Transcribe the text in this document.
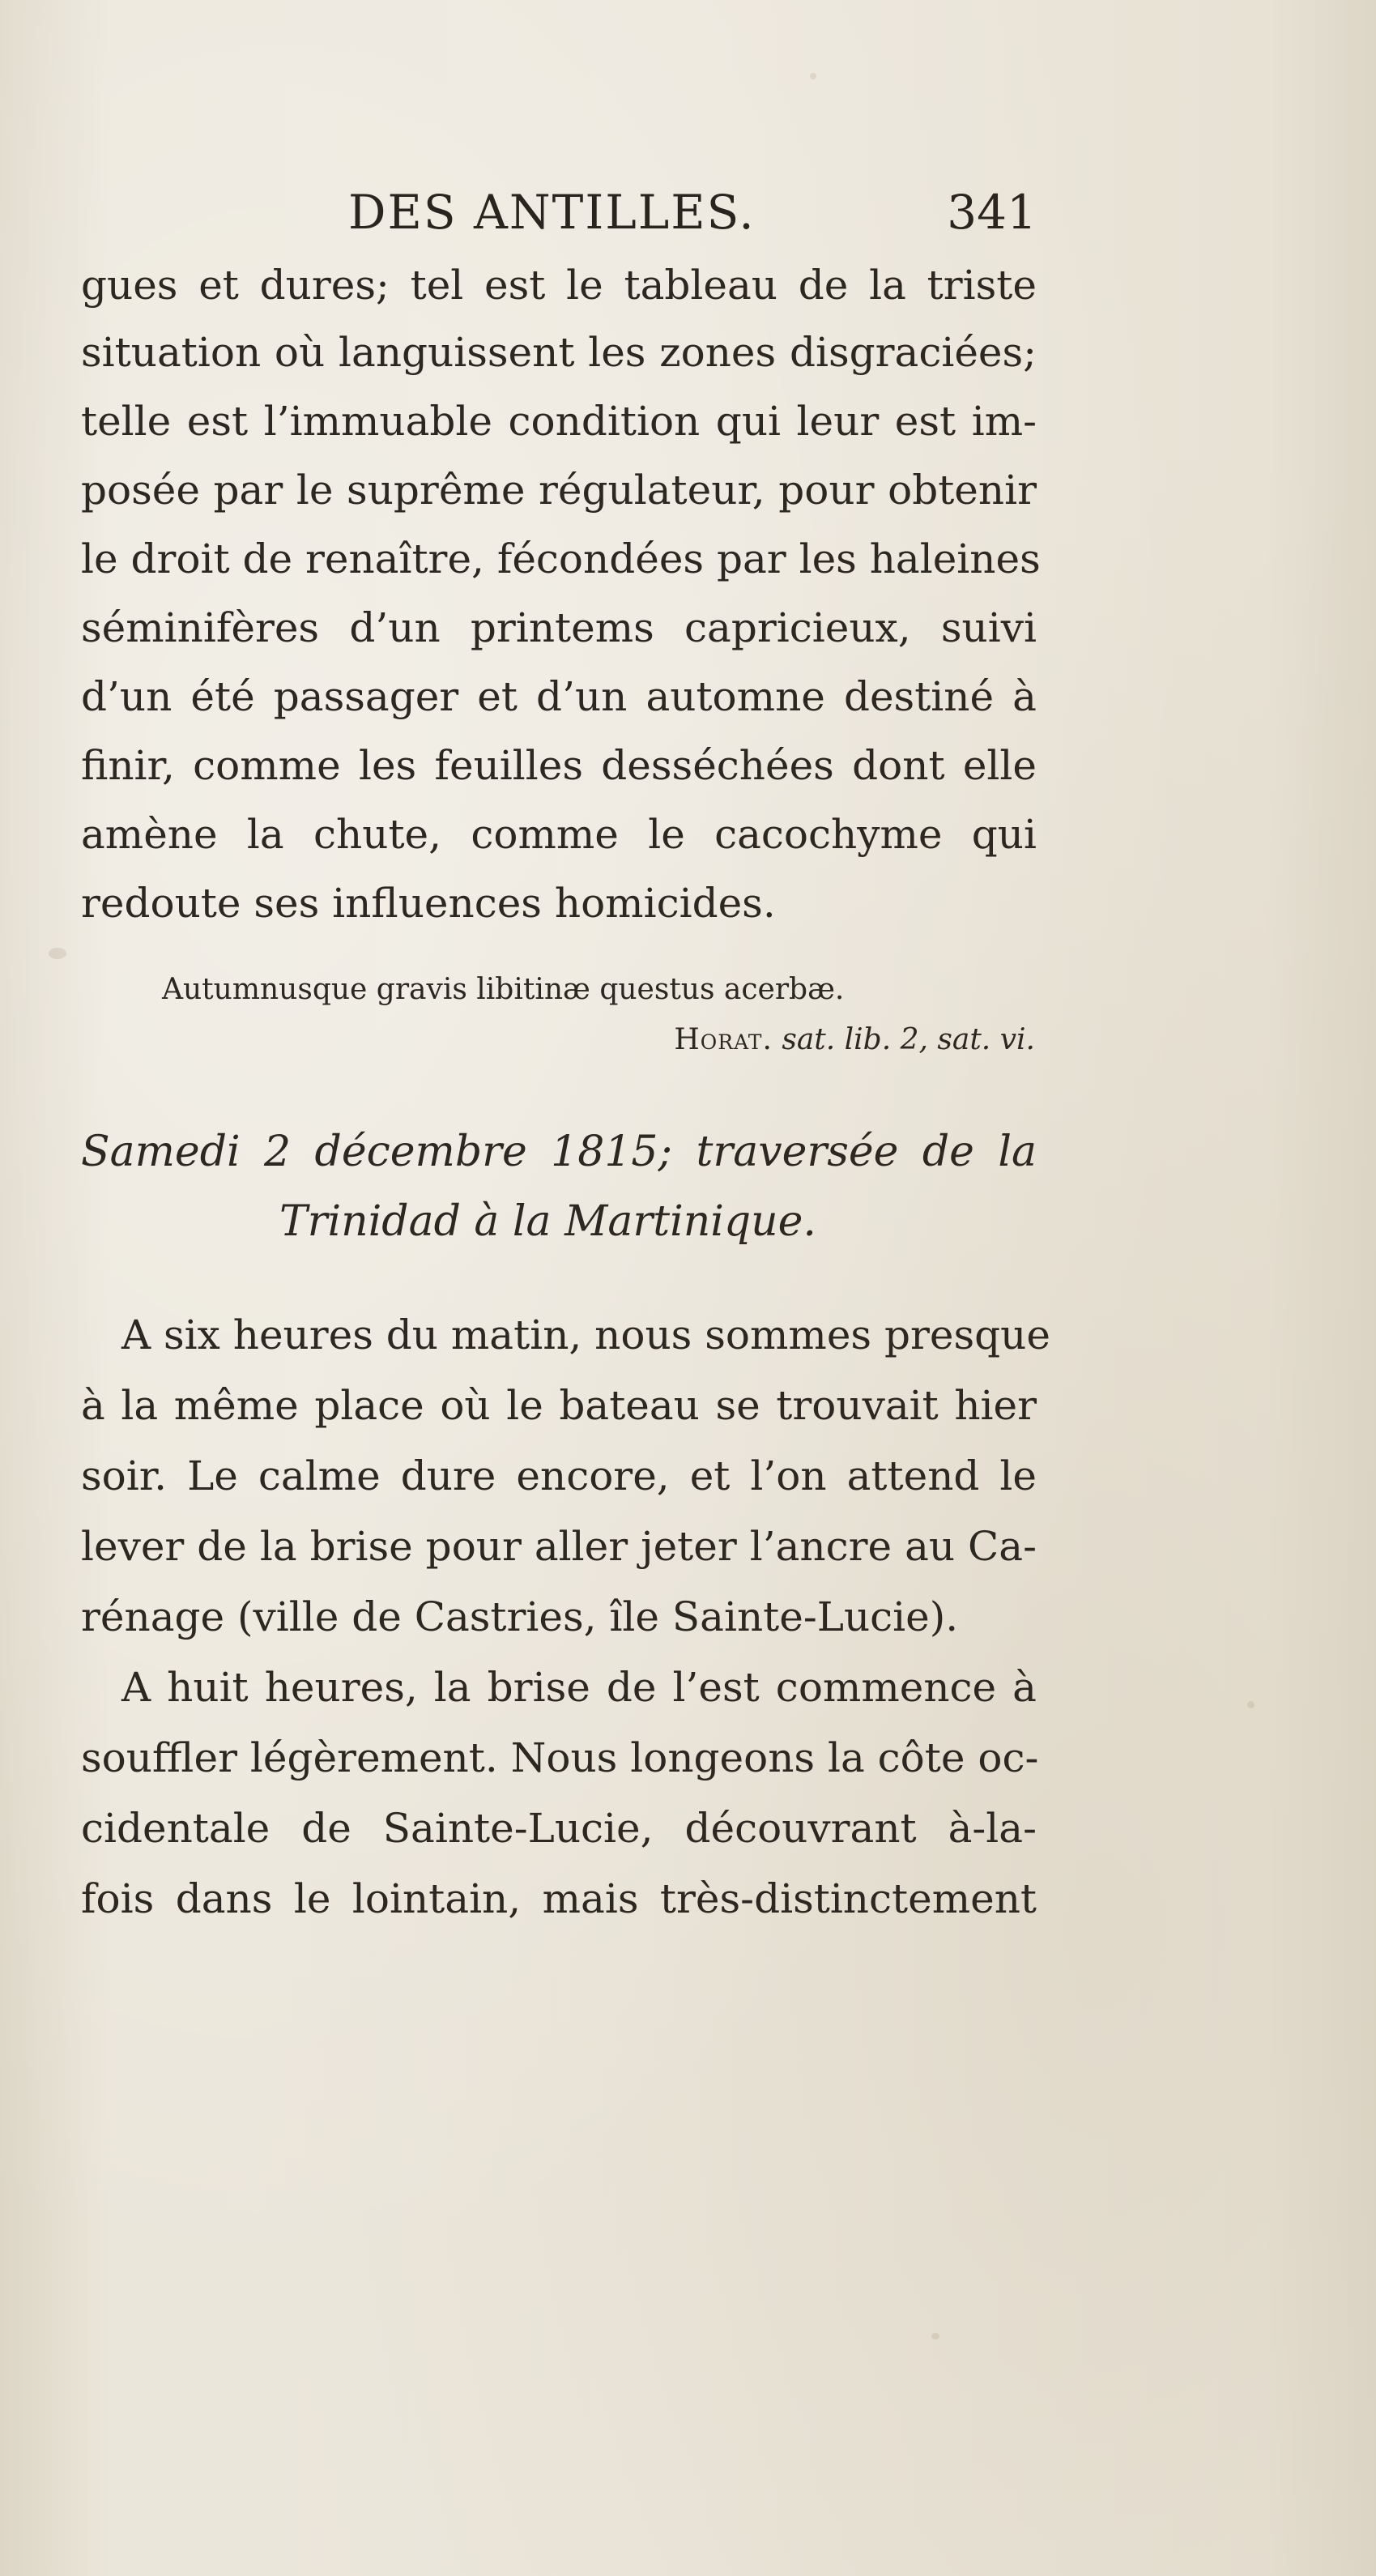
DES ANTILLES.	341
gues et dures; tel est le tableau de la triste
situation où languissent les zones disgraciées;
telle est l’immuable condition qui leur est im-
posée par le suprême régulateur, pour obtenir
le droit de renaître, fécondées par les haleines
séminifères d’un printems capricieux, suivi
d’un été passager et d’un automne destiné à
finir, comme les feuilles desséchées dont elle
amène la chute, comme le cacochyme qui
redoute ses influences homicides.
Autumnusque gravis libitinæ questus acerbæ.
Horat. sat. lib. 2, sat. vi.
Samedi 2 décembre 1815; traversée de la
Trinidad à la Martinique.
A six heures du matin, nous sommes presque
à la même place où le bateau se trouvait hier
soir. Le calme dure encore, et l’on attend le
lever de la brise pour aller jeter l’ancre au Ca-
rénage (ville de Castries, île Sainte-Lucie).
A huit heures, la brise de l’est commence à
souffler légèrement. Nous longeons la côte oc-
cidentale de Sainte-Lucie, découvrant à-la-
fois dans le lointain, mais très-distinctement
